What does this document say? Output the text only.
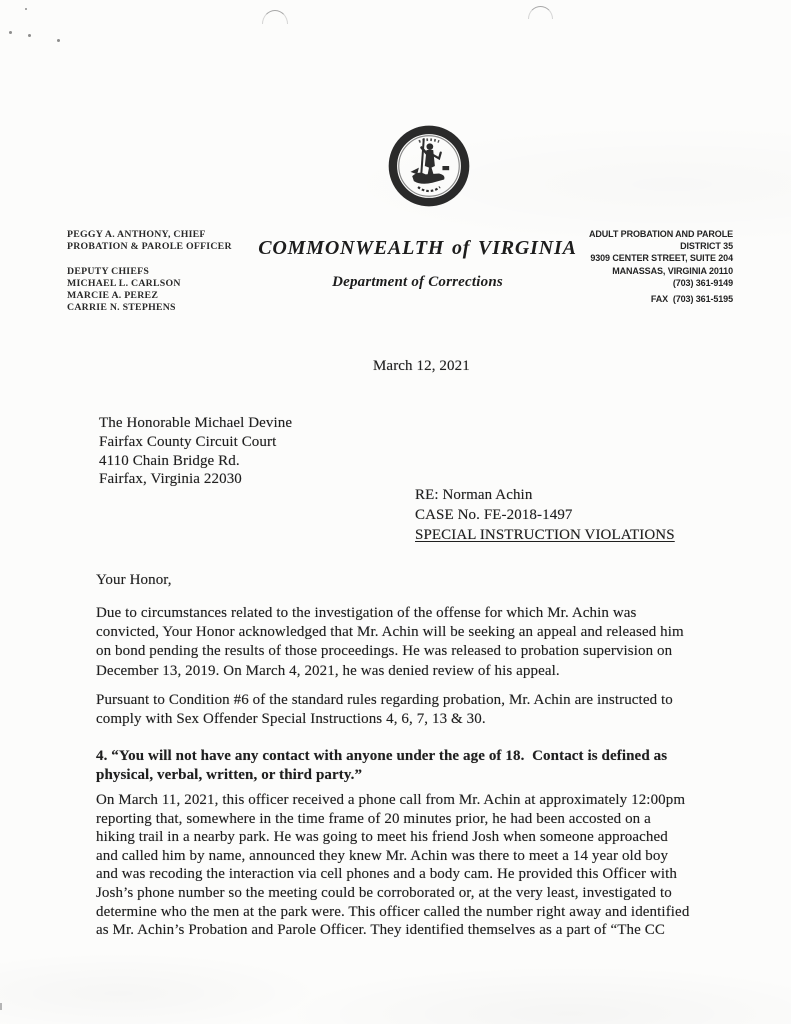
PEGGY A. ANTHONY, CHIEF
PROBATION & PAROLE OFFICER
DEPUTY CHIEFS
MICHAEL L. CARLSON
MARCIE A. PEREZ
CARRIE N. STEPHENS
COMMONWEALTH of VIRGINIA
Department of Corrections
ADULT PROBATION AND PAROLE
DISTRICT 35
9309 CENTER STREET, SUITE 204
MANASSAS, VIRGINIA 20110
(703) 361-9149
FAX  (703) 361-5195
March 12, 2021
The Honorable Michael Devine
Fairfax County Circuit Court
4110 Chain Bridge Rd.
Fairfax, Virginia 22030
RE: Norman Achin
CASE No. FE-2018-1497
SPECIAL INSTRUCTION VIOLATIONS
Your Honor,
Due to circumstances related to the investigation of the offense for which Mr. Achin was
convicted, Your Honor acknowledged that Mr. Achin will be seeking an appeal and released him
on bond pending the results of those proceedings. He was released to probation supervision on
December 13, 2019. On March 4, 2021, he was denied review of his appeal.
Pursuant to Condition #6 of the standard rules regarding probation, Mr. Achin are instructed to
comply with Sex Offender Special Instructions 4, 6, 7, 13 & 30.
4. “You will not have any contact with anyone under the age of 18.  Contact is defined as
physical, verbal, written, or third party.”
On March 11, 2021, this officer received a phone call from Mr. Achin at approximately 12:00pm
reporting that, somewhere in the time frame of 20 minutes prior, he had been accosted on a
hiking trail in a nearby park. He was going to meet his friend Josh when someone approached
and called him by name, announced they knew Mr. Achin was there to meet a 14 year old boy
and was recoding the interaction via cell phones and a body cam. He provided this Officer with
Josh’s phone number so the meeting could be corroborated or, at the very least, investigated to
determine who the men at the park were. This officer called the number right away and identified
as Mr. Achin’s Probation and Parole Officer. They identified themselves as a part of “The CC
